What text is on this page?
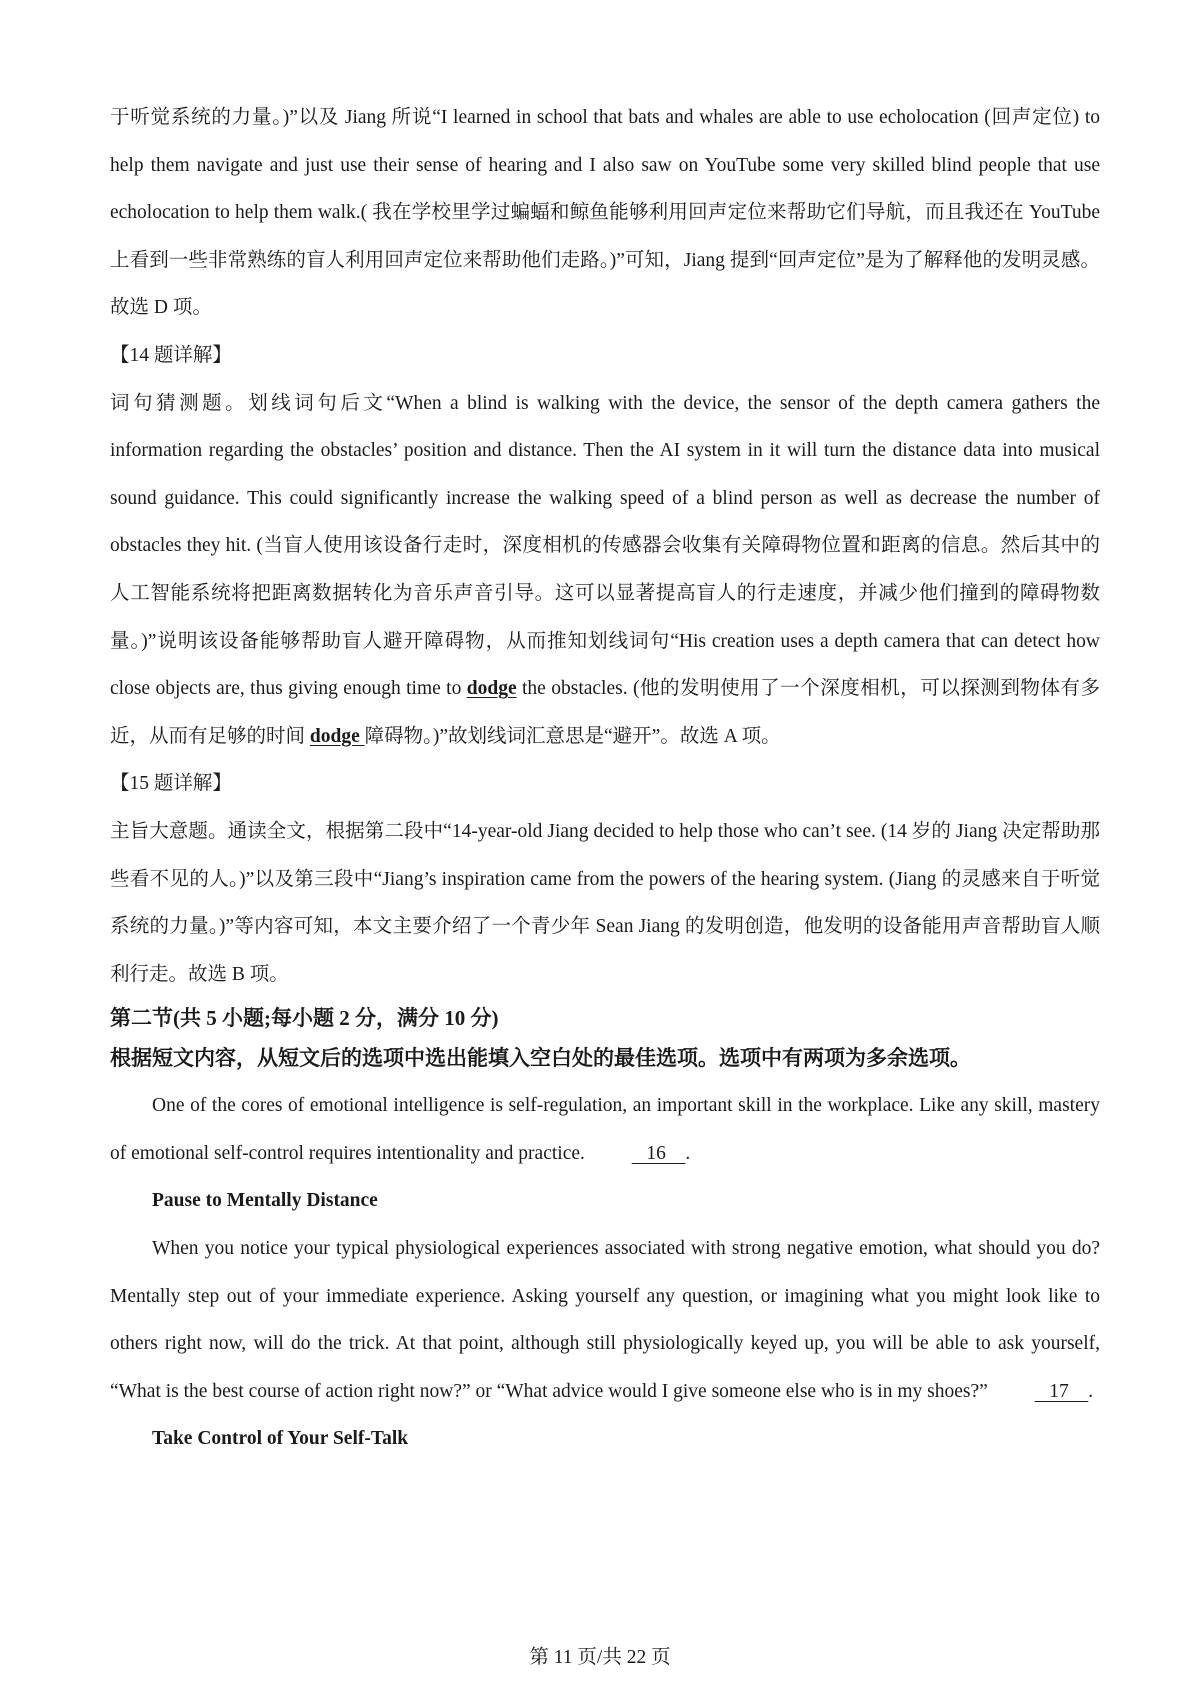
于听觉系统的力量。)”以及 Jiang 所说“I learned in school that bats and whales are able to use echolocation (回声定位) to help them navigate and just use their sense of hearing and I also saw on YouTube some very skilled blind people that use echolocation to help them walk.( 我在学校里学过蝙蝠和鲸鱼能够利用回声定位来帮助它们导航，而且我还在 YouTube 上看到一些非常熟练的盲人利用回声定位来帮助他们走路。)”可知，Jiang 提到“回声定位”是为了解释他的发明灵感。故选 D 项。

【14 题详解】

词句猜测题。划线词句后文“When a blind is walking with the device, the sensor of the depth camera gathers the information regarding the obstacles’ position and distance. Then the AI system in it will turn the distance data into musical sound guidance. This could significantly increase the walking speed of a blind person as well as decrease the number of obstacles they hit. (当盲人使用该设备行走时，深度相机的传感器会收集有关障碍物位置和距离的信息。然后其中的人工智能系统将把距离数据转化为音乐声音引导。这可以显著提高盲人的行走速度，并减少他们撞到的障碍物数量。)”说明该设备能够帮助盲人避开障碍物，从而推知划线词句“His creation uses a depth camera that can detect how close objects are, thus giving enough time to dodge the obstacles. (他的发明使用了一个深度相机，可以探测到物体有多近，从而有足够的时间 dodge 障碍物。)”故划线词汇意思是“避开”。故选 A 项。

【15 题详解】

主旨大意题。通读全文，根据第二段中“14-year-old Jiang decided to help those who can’t see. (14 岁的 Jiang 决定帮助那些看不见的人。)”以及第三段中“Jiang’s inspiration came from the powers of the hearing system. (Jiang 的灵感来自于听觉系统的力量。)”等内容可知，本文主要介绍了一个青少年 Sean Jiang 的发明创造，他发明的设备能用声音帮助盲人顺利行走。故选 B 项。

第二节(共 5 小题;每小题 2 分，满分 10 分)

根据短文内容，从短文后的选项中选出能填入空白处的最佳选项。选项中有两项为多余选项。

One of the cores of emotional intelligence is self-regulation, an important skill in the workplace. Like any skill, mastery of emotional self-control requires intentionality and practice.    16    .

Pause to Mentally Distance

When you notice your typical physiological experiences associated with strong negative emotion, what should you do? Mentally step out of your immediate experience. Asking yourself any question, or imagining what you might look like to others right now, will do the trick. At that point, although still physiologically keyed up, you will be able to ask yourself, “What is the best course of action right now?” or “What advice would I give someone else who is in my shoes?”    17    .

Take Control of Your Self-Talk

第 11 页/共 22 页
